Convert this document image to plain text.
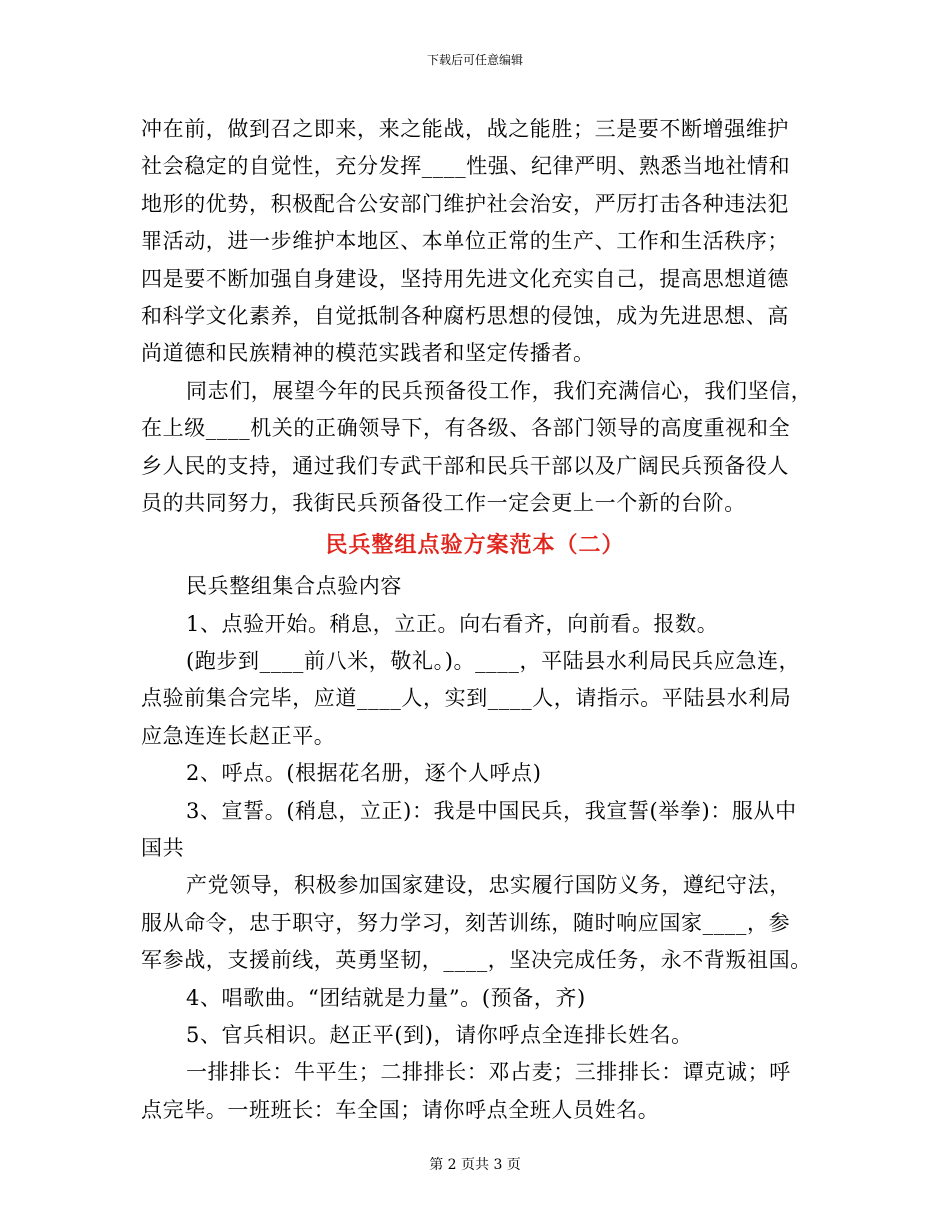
下载后可任意编辑
冲在前，做到召之即来，来之能战，战之能胜；三是要不断增强维护
社会稳定的自觉性，充分发挥____性强、纪律严明、熟悉当地社情和
地形的优势，积极配合公安部门维护社会治安，严厉打击各种违法犯
罪活动，进一步维护本地区、本单位正常的生产、工作和生活秩序；
四是要不断加强自身建设，坚持用先进文化充实自己，提高思想道德
和科学文化素养，自觉抵制各种腐朽思想的侵蚀，成为先进思想、高
尚道德和民族精神的模范实践者和坚定传播者。
同志们，展望今年的民兵预备役工作，我们充满信心，我们坚信，
在上级____机关的正确领导下，有各级、各部门领导的高度重视和全
乡人民的支持，通过我们专武干部和民兵干部以及广阔民兵预备役人
员的共同努力，我街民兵预备役工作一定会更上一个新的台阶。
民兵整组点验方案范本（二）
民兵整组集合点验内容
1、点验开始。稍息，立正。向右看齐，向前看。报数。
(跑步到____前八米，敬礼。)。____，平陆县水利局民兵应急连，
点验前集合完毕，应道____人，实到____人，请指示。平陆县水利局
应急连连长赵正平。
2、呼点。(根据花名册，逐个人呼点)
3、宣誓。(稍息，立正)：我是中国民兵，我宣誓(举拳)：服从中
国共
产党领导，积极参加国家建设，忠实履行国防义务，遵纪守法，
服从命令，忠于职守，努力学习，刻苦训练，随时响应国家____，参
军参战，支援前线，英勇坚韧，____，坚决完成任务，永不背叛祖国。
4、唱歌曲。“团结就是力量”。(预备，齐)
5、官兵相识。赵正平(到)，请你呼点全连排长姓名。
一排排长：牛平生；二排排长：邓占麦；三排排长：谭克诚；呼
点完毕。一班班长：车全国；请你呼点全班人员姓名。
第 2 页共 3 页
